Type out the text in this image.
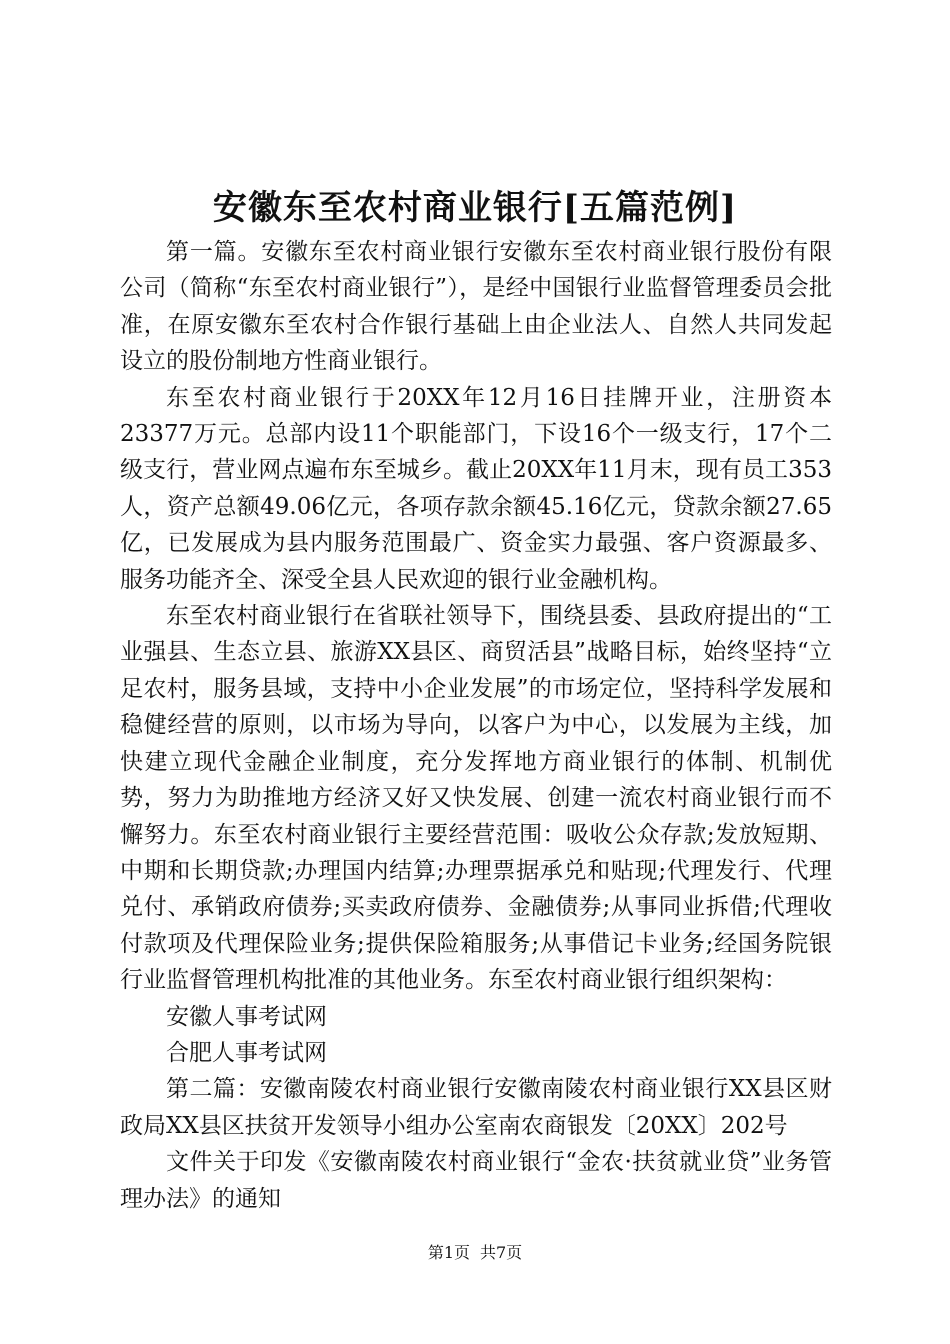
安徽东至农村商业银行[五篇范例]

第一篇。安徽东至农村商业银行安徽东至农村商业银行股份有限公司（简称“东至农村商业银行”），是经中国银行业监督管理委员会批准，在原安徽东至农村合作银行基础上由企业法人、自然人共同发起设立的股份制地方性商业银行。

东至农村商业银行于20XX年12月16日挂牌开业，注册资本23377万元。总部内设11个职能部门，下设16个一级支行，17个二级支行，营业网点遍布东至城乡。截止20XX年11月末，现有员工353人，资产总额49.06亿元，各项存款余额45.16亿元，贷款余额27.65亿，已发展成为县内服务范围最广、资金实力最强、客户资源最多、服务功能齐全、深受全县人民欢迎的银行业金融机构。

东至农村商业银行在省联社领导下，围绕县委、县政府提出的“工业强县、生态立县、旅游XX县区、商贸活县”战略目标，始终坚持“立足农村，服务县域，支持中小企业发展”的市场定位，坚持科学发展和稳健经营的原则，以市场为导向，以客户为中心，以发展为主线，加快建立现代金融企业制度，充分发挥地方商业银行的体制、机制优势，努力为助推地方经济又好又快发展、创建一流农村商业银行而不懈努力。东至农村商业银行主要经营范围：吸收公众存款;发放短期、中期和长期贷款;办理国内结算;办理票据承兑和贴现;代理发行、代理兑付、承销政府债券;买卖政府债券、金融债券;从事同业拆借;代理收付款项及代理保险业务;提供保险箱服务;从事借记卡业务;经国务院银行业监督管理机构批准的其他业务。东至农村商业银行组织架构：

安徽人事考试网

合肥人事考试网

第二篇：安徽南陵农村商业银行安徽南陵农村商业银行XX县区财政局XX县区扶贫开发领导小组办公室南农商银发〔20XX〕202号

文件关于印发《安徽南陵农村商业银行“金农·扶贫就业贷”业务管理办法》的通知

第1页 共7页
